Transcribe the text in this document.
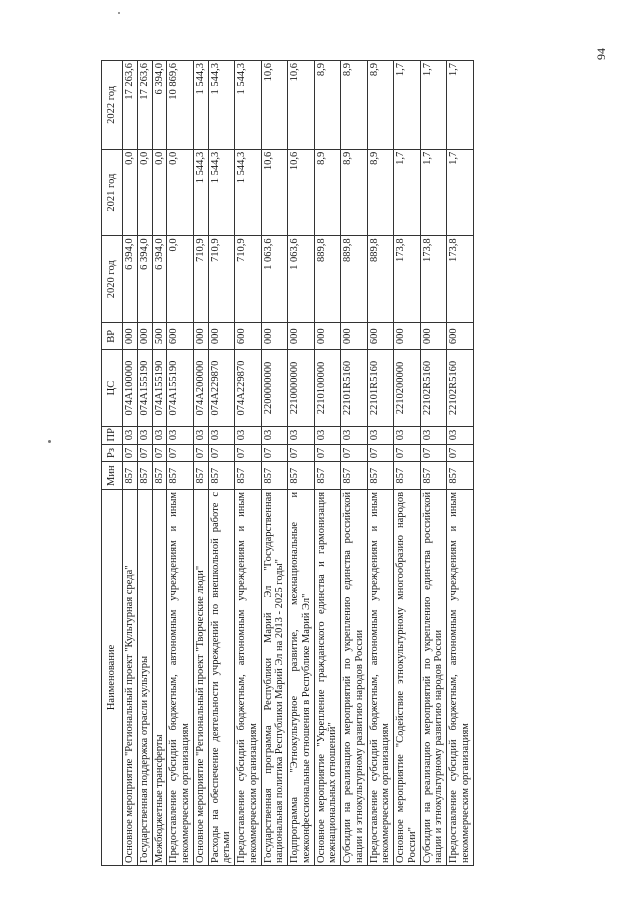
94
Наименование	Мин	Рз	ПР	ЦС	ВР	2020 год	2021 год	2022 год
Основное мероприятие "Региональный проект "Культурная среда"	857	07	03	074A100000	000	6 394,0	0,0	17 263,6
Государственная поддержка отрасли культуры	857	07	03	074A155190	000	6 394,0	0,0	17 263,6
Межбюджетные трансферты	857	07	03	074A155190	500	6 394,0	0,0	6 394,0
Предоставление субсидий бюджетным, автономным учреждениям и иным некоммерческим организациям	857	07	03	074A155190	600	0,0	0,0	10 869,6
Основное мероприятие "Региональный проект "Творческие люди"	857	07	03	074A200000	000	710,9	1 544,3	1 544,3
Расходы на обеспечение деятельности учреждений по внешкольной работе с детьми	857	07	03	074A229870	000	710,9	1 544,3	1 544,3
Предоставление субсидий бюджетным, автономным учреждениям и иным некоммерческим организациям	857	07	03	074A229870	600	710,9	1 544,3	1 544,3
Государственная программа Республики Марий Эл "Государственная национальная политика Республики Марий Эл на 2013 - 2025 годы"	857	07	03	2200000000	000	1 063,6	10,6	10,6
Подпрограмма "Этнокультурное развитие, межнациональные и межконфессиональные отношения в Республике Марий Эл"	857	07	03	2210000000	000	1 063,6	10,6	10,6
Основное мероприятие "Укрепление гражданского единства и гармонизация межнациональных отношений"	857	07	03	2210100000	000	889,8	8,9	8,9
Субсидии на реализацию мероприятий по укреплению единства российской нации и этнокультурному развитию народов России	857	07	03	22101R5160	000	889,8	8,9	8,9
Предоставление субсидий бюджетным, автономным учреждениям и иным некоммерческим организациям	857	07	03	22101R5160	600	889,8	8,9	8,9
Основное мероприятие "Содействие этнокультурному многообразию народов России"	857	07	03	2210200000	000	173,8	1,7	1,7
Субсидии на реализацию мероприятий по укреплению единства российской нации и этнокультурному развитию народов России	857	07	03	22102R5160	000	173,8	1,7	1,7
Предоставление субсидий бюджетным, автономным учреждениям и иным некоммерческим организациям	857	07	03	22102R5160	600	173,8	1,7	1,7
